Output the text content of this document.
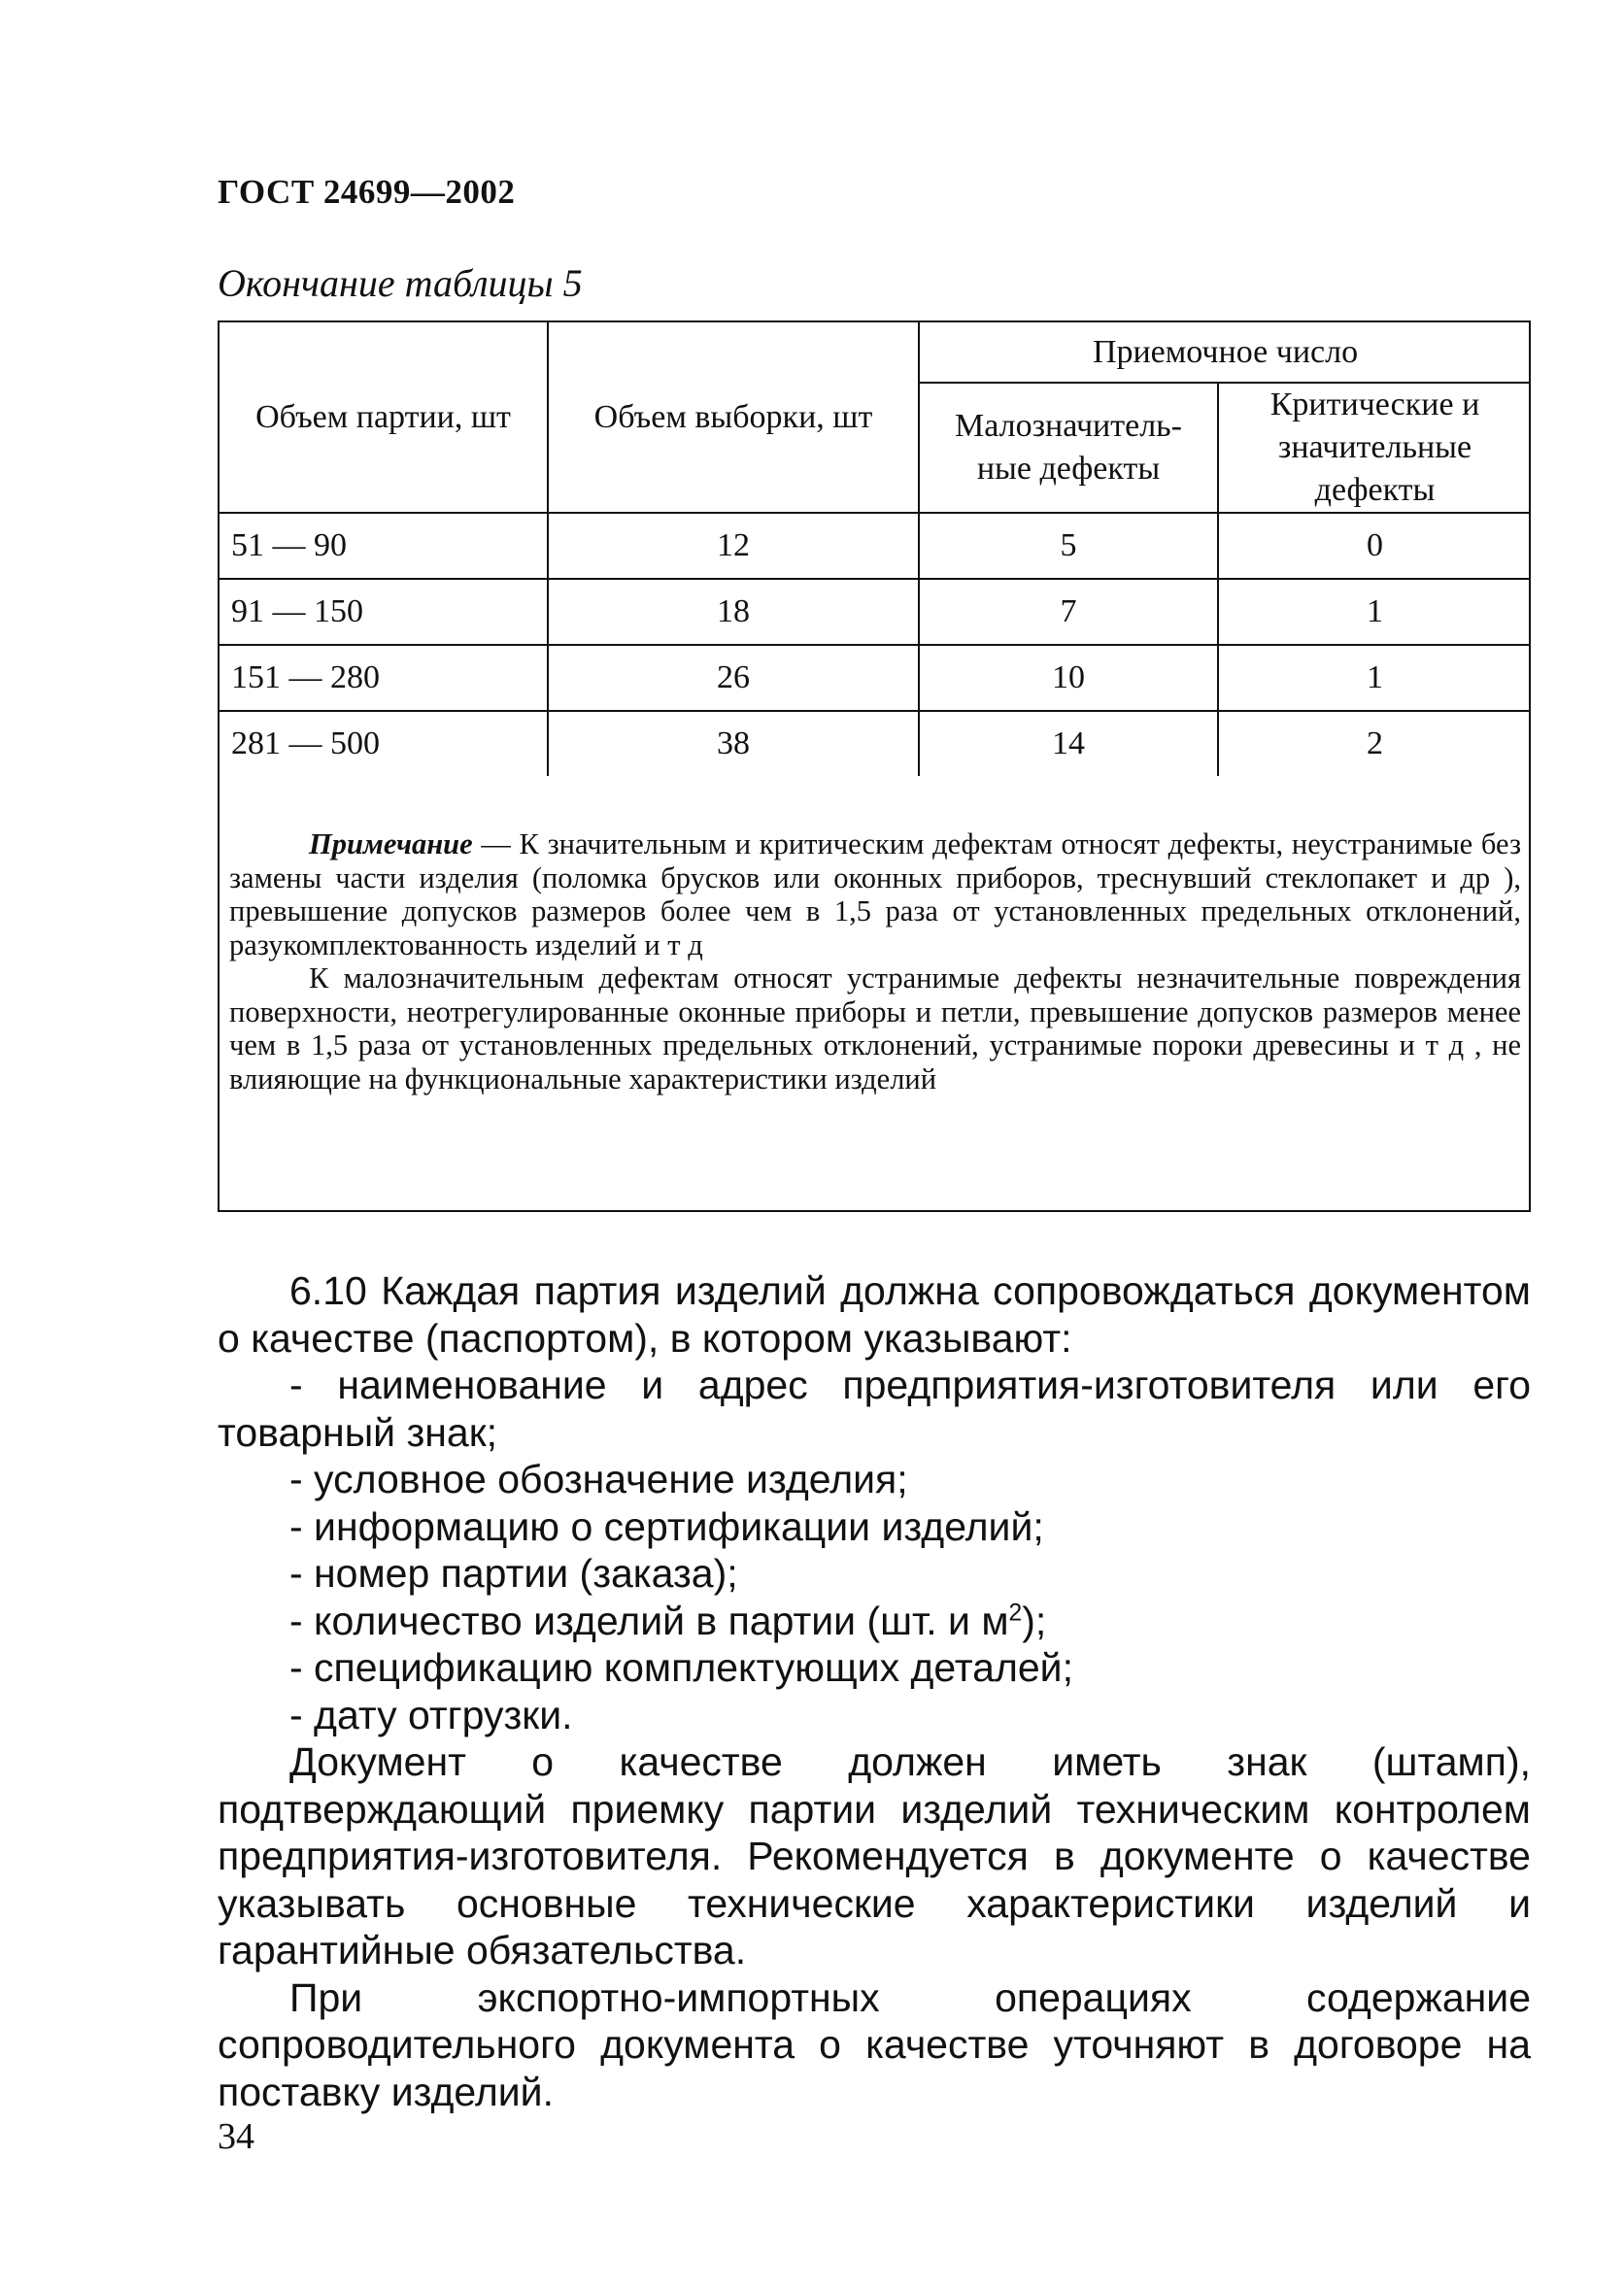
ГОСТ 24699—2002
Окончание таблицы 5
Объем партии, шт	Объем выборки, шт	Приемочное число	
		Малозначитель-ные дефекты	Критические и значительные дефекты
51 — 90	12	5	0
91 — 150	18	7	1
151 — 280	26	10	1
281 — 500	38	14	2

Примечание — К значительным и критическим дефектам относят дефекты, неустранимые без замены части изделия (поломка брусков или оконных приборов, треснувший стеклопакет и др ), превышение допусков размеров более чем в 1,5 раза от установленных предельных отклонений, разукомплектованность изделий и т д

К малозначительным дефектам относят устранимые дефекты незначительные повреждения поверхности, неотрегулированные оконные приборы и петли, превышение допусков размеров менее чем в 1,5 раза от установленных предельных отклонений, устранимые пороки древесины и т д , не влияющие на функциональные характеристики изделий

6.10 Каждая партия изделий должна сопровождаться документом о качестве (паспортом), в котором указывают:

- наименование и адрес предприятия-изготовителя или его товарный знак;

- условное обозначение изделия;

- информацию о сертификации изделий;

- номер партии (заказа);

- количество изделий в партии (шт. и $м^2$);

- спецификацию комплектующих деталей;

- дату отгрузки.

Документ о качестве должен иметь знак (штамп), подтверждающий приемку партии изделий техническим контролем предприятия-изготовителя. Рекомендуется в документе о качестве указывать основные технические характеристики изделий и гарантийные обязательства.

При экспортно-импортных операциях содержание сопроводительного документа о качестве уточняют в договоре на поставку изделий.

34
